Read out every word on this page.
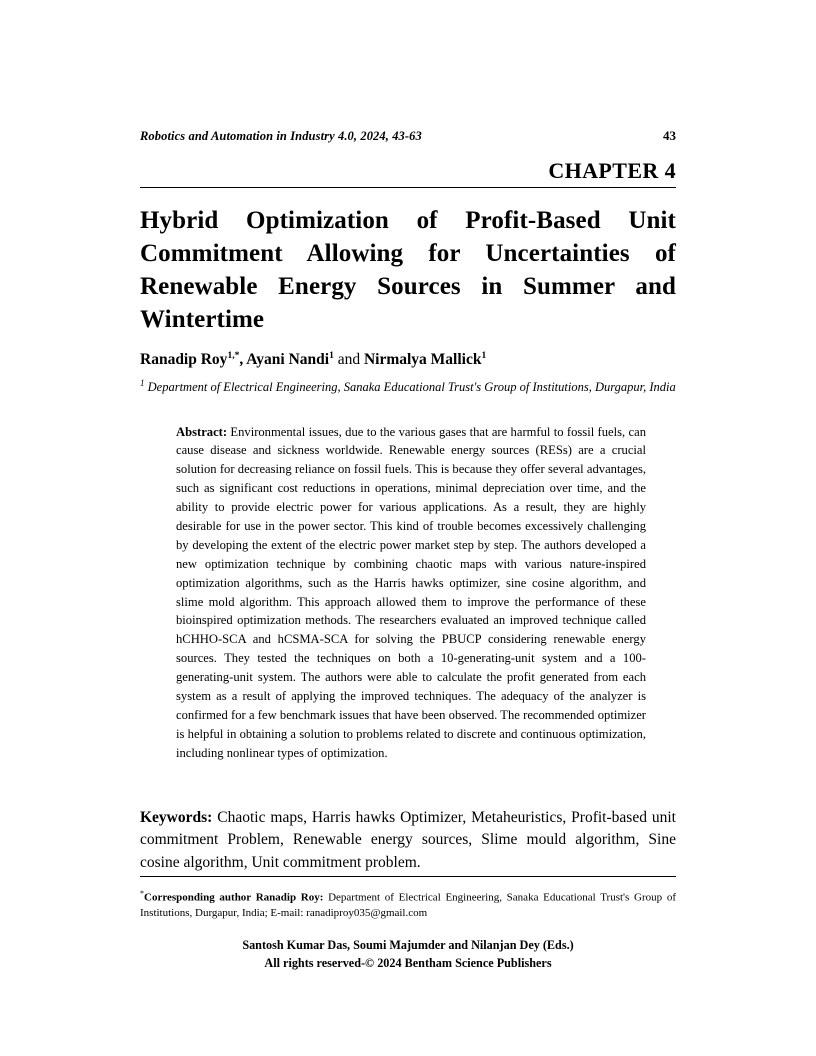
Robotics and Automation in Industry 4.0, 2024, 43-63	43
CHAPTER 4
Hybrid Optimization of Profit-Based Unit Commitment Allowing for Uncertainties of Renewable Energy Sources in Summer and Wintertime

Ranadip Roy$^{1,*}$, Ayani Nandi$^1$ and Nirmalya Mallick$^1$

$^1$ Department of Electrical Engineering, Sanaka Educational Trust's Group of Institutions, Durgapur, India

Abstract: Environmental issues, due to the various gases that are harmful to fossil fuels, can cause disease and sickness worldwide. Renewable energy sources (RESs) are a crucial solution for decreasing reliance on fossil fuels. This is because they offer several advantages, such as significant cost reductions in operations, minimal depreciation over time, and the ability to provide electric power for various applications. As a result, they are highly desirable for use in the power sector. This kind of trouble becomes excessively challenging by developing the extent of the electric power market step by step. The authors developed a new optimization technique by combining chaotic maps with various nature-inspired optimization algorithms, such as the Harris hawks optimizer, sine cosine algorithm, and slime mold algorithm. This approach allowed them to improve the performance of these bioinspired optimization methods. The researchers evaluated an improved technique called hCHHO-SCA and hCSMA-SCA for solving the PBUCP considering renewable energy sources. They tested the techniques on both a 10-generating-unit system and a 100-generating-unit system. The authors were able to calculate the profit generated from each system as a result of applying the improved techniques. The adequacy of the analyzer is confirmed for a few benchmark issues that have been observed. The recommended optimizer is helpful in obtaining a solution to problems related to discrete and continuous optimization, including nonlinear types of optimization.
Keywords: Chaotic maps, Harris hawks Optimizer, Metaheuristics, Profit-based unit commitment Problem, Renewable energy sources, Slime mould algorithm, Sine cosine algorithm, Unit commitment problem.

*Corresponding author Ranadip Roy: Department of Electrical Engineering, Sanaka Educational Trust's Group of Institutions, Durgapur, India; E-mail: ranadiproy035@gmail.com

Santosh Kumar Das, Soumi Majumder and Nilanjan Dey (Eds.)
All rights reserved-© 2024 Bentham Science Publishers
